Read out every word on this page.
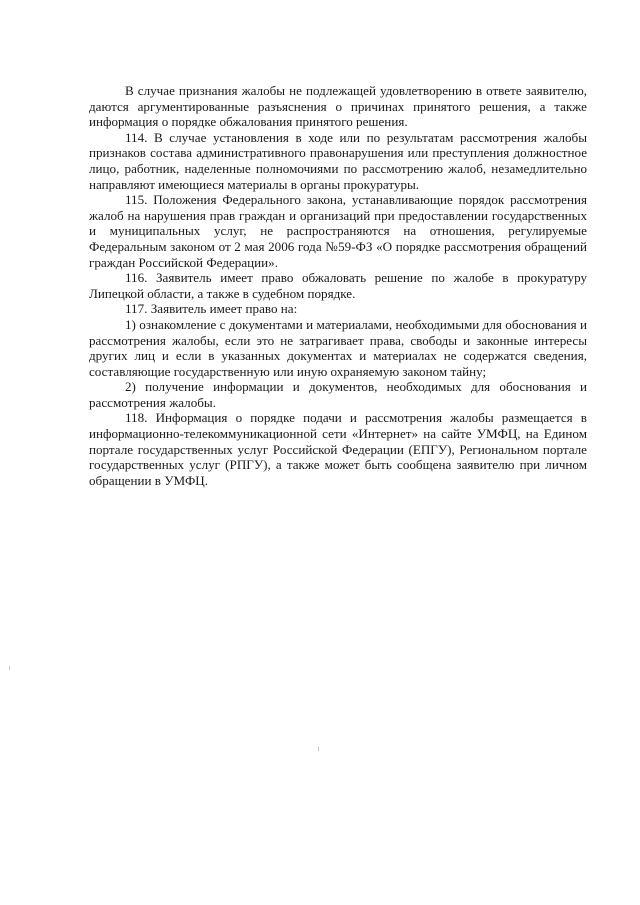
В случае признания жалобы не подлежащей удовлетворению в ответе заявителю, даются аргументированные разъяснения о причинах принятого решения, а также информация о порядке обжалования принятого решения.

114. В случае установления в ходе или по результатам рассмотрения жалобы признаков состава административного правонарушения или преступления должностное лицо, работник, наделенные полномочиями по рассмотрению жалоб, незамедлительно направляют имеющиеся материалы в органы прокуратуры.

115. Положения Федерального закона, устанавливающие порядок рассмотрения жалоб на нарушения прав граждан и организаций при предоставлении государственных и муниципальных услуг, не распространяются на отношения, регулируемые Федеральным законом от 2 мая 2006 года №59-ФЗ «О порядке рассмотрения обращений граждан Российской Федерации».

116. Заявитель имеет право обжаловать решение по жалобе в прокуратуру Липецкой области, а также в судебном порядке.

117. Заявитель имеет право на:

1) ознакомление с документами и материалами, необходимыми для обоснования и рассмотрения жалобы, если это не затрагивает права, свободы и законные интересы других лиц и если в указанных документах и материалах не содержатся сведения, составляющие государственную или иную охраняемую законом тайну;

2) получение информации и документов, необходимых для обоснования и рассмотрения жалобы.

118. Информация о порядке подачи и рассмотрения жалобы размещается в информационно-телекоммуникационной сети «Интернет» на сайте УМФЦ, на Едином портале государственных услуг Российской Федерации (ЕПГУ), Региональном портале государственных услуг (РПГУ), а также может быть сообщена заявителю при личном обращении в УМФЦ.
